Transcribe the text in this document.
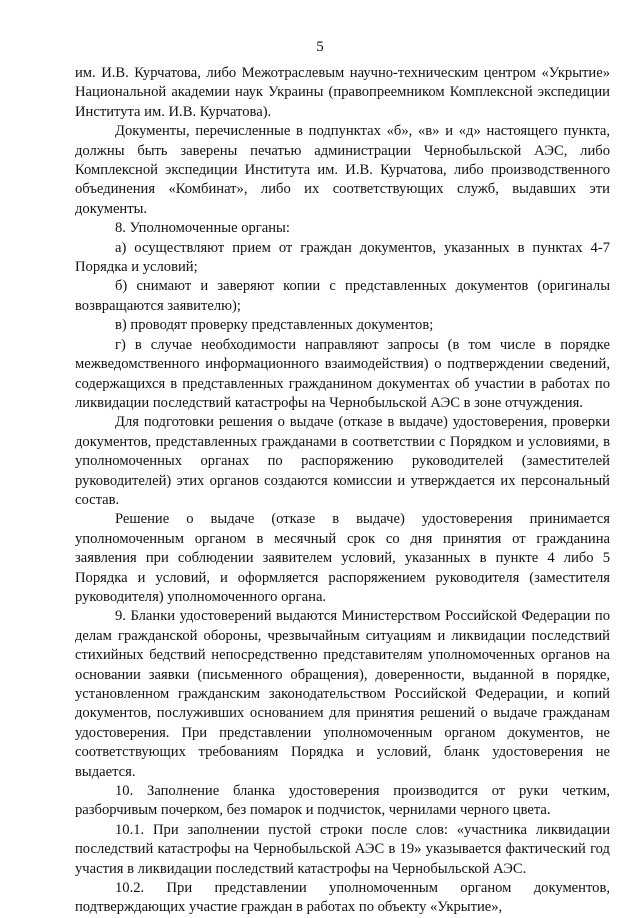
5

им. И.В. Курчатова, либо Межотраслевым научно-техническим центром «Укрытие» Национальной академии наук Украины (правопреемником Комплексной экспедиции Института им. И.В. Курчатова).

Документы, перечисленные в подпунктах «б», «в» и «д» настоящего пункта, должны быть заверены печатью администрации Чернобыльской АЭС, либо Комплексной экспедиции Института им. И.В. Курчатова, либо производственного объединения «Комбинат», либо их соответствующих служб, выдавших эти документы.

8. Уполномоченные органы:

а) осуществляют прием от граждан документов, указанных в пунктах 4-7 Порядка и условий;

б) снимают и заверяют копии с представленных документов (оригиналы возвращаются заявителю);

в) проводят проверку представленных документов;

г) в случае необходимости направляют запросы (в том числе в порядке межведомственного информационного взаимодействия) о подтверждении сведений, содержащихся в представленных гражданином документах об участии в работах по ликвидации последствий катастрофы на Чернобыльской АЭС в зоне отчуждения.

Для подготовки решения о выдаче (отказе в выдаче) удостоверения, проверки документов, представленных гражданами в соответствии с Порядком и условиями, в уполномоченных органах по распоряжению руководителей (заместителей руководителей) этих органов создаются комиссии и утверждается их персональный состав.

Решение о выдаче (отказе в выдаче) удостоверения принимается уполномоченным органом в месячный срок со дня принятия от гражданина заявления при соблюдении заявителем условий, указанных в пункте 4 либо 5 Порядка и условий, и оформляется распоряжением руководителя (заместителя руководителя) уполномоченного органа.

9. Бланки удостоверений выдаются Министерством Российской Федерации по делам гражданской обороны, чрезвычайным ситуациям и ликвидации последствий стихийных бедствий непосредственно представителям уполномоченных органов на основании заявки (письменного обращения), доверенности, выданной в порядке, установленном гражданским законодательством Российской Федерации, и копий документов, послуживших основанием для принятия решений о выдаче гражданам удостоверения. При представлении уполномоченным органом документов, не соответствующих требованиям Порядка и условий, бланк удостоверения не выдается.

10. Заполнение бланка удостоверения производится от руки четким, разборчивым почерком, без помарок и подчисток, чернилами черного цвета.

10.1. При заполнении пустой строки после слов: «участника ликвидации последствий катастрофы на Чернобыльской АЭС в 19» указывается фактический год участия в ликвидации последствий катастрофы на Чернобыльской АЭС.

10.2. При представлении уполномоченным органом документов, подтверждающих участие граждан в работах по объекту «Укрытие»,
